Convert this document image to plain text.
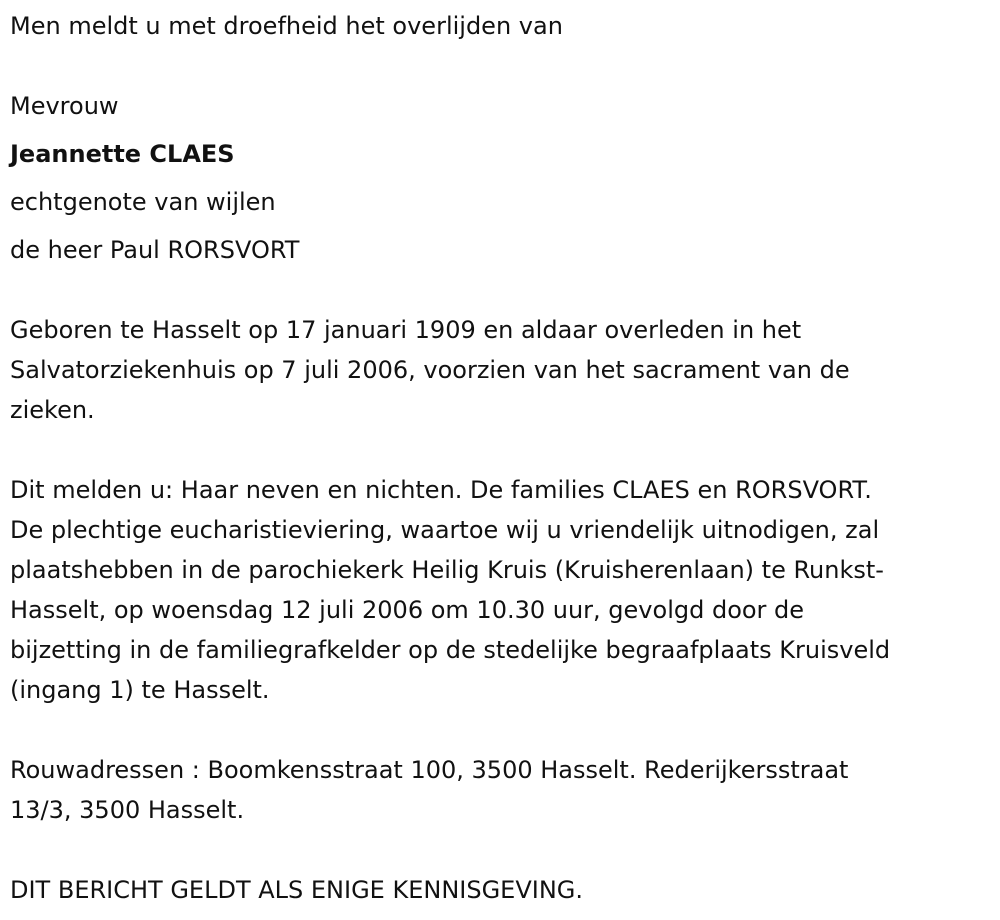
Men meldt u met droefheid het overlijden van
Mevrouw
Jeannette CLAES
echtgenote van wijlen
de heer Paul RORSVORT
Geboren te Hasselt op 17 januari 1909 en aldaar overleden in het
Salvatorziekenhuis op 7 juli 2006, voorzien van het sacrament van de
zieken.
Dit melden u: Haar neven en nichten. De families CLAES en RORSVORT.
De plechtige eucharistieviering, waartoe wij u vriendelijk uitnodigen, zal
plaatshebben in de parochiekerk Heilig Kruis (Kruisherenlaan) te Runkst-
Hasselt, op woensdag 12 juli 2006 om 10.30 uur, gevolgd door de
bijzetting in de familiegrafkelder op de stedelijke begraafplaats Kruisveld
(ingang 1) te Hasselt.
Rouwadressen : Boomkensstraat 100, 3500 Hasselt. Rederijkersstraat
13/3, 3500 Hasselt.
DIT BERICHT GELDT ALS ENIGE KENNISGEVING.
